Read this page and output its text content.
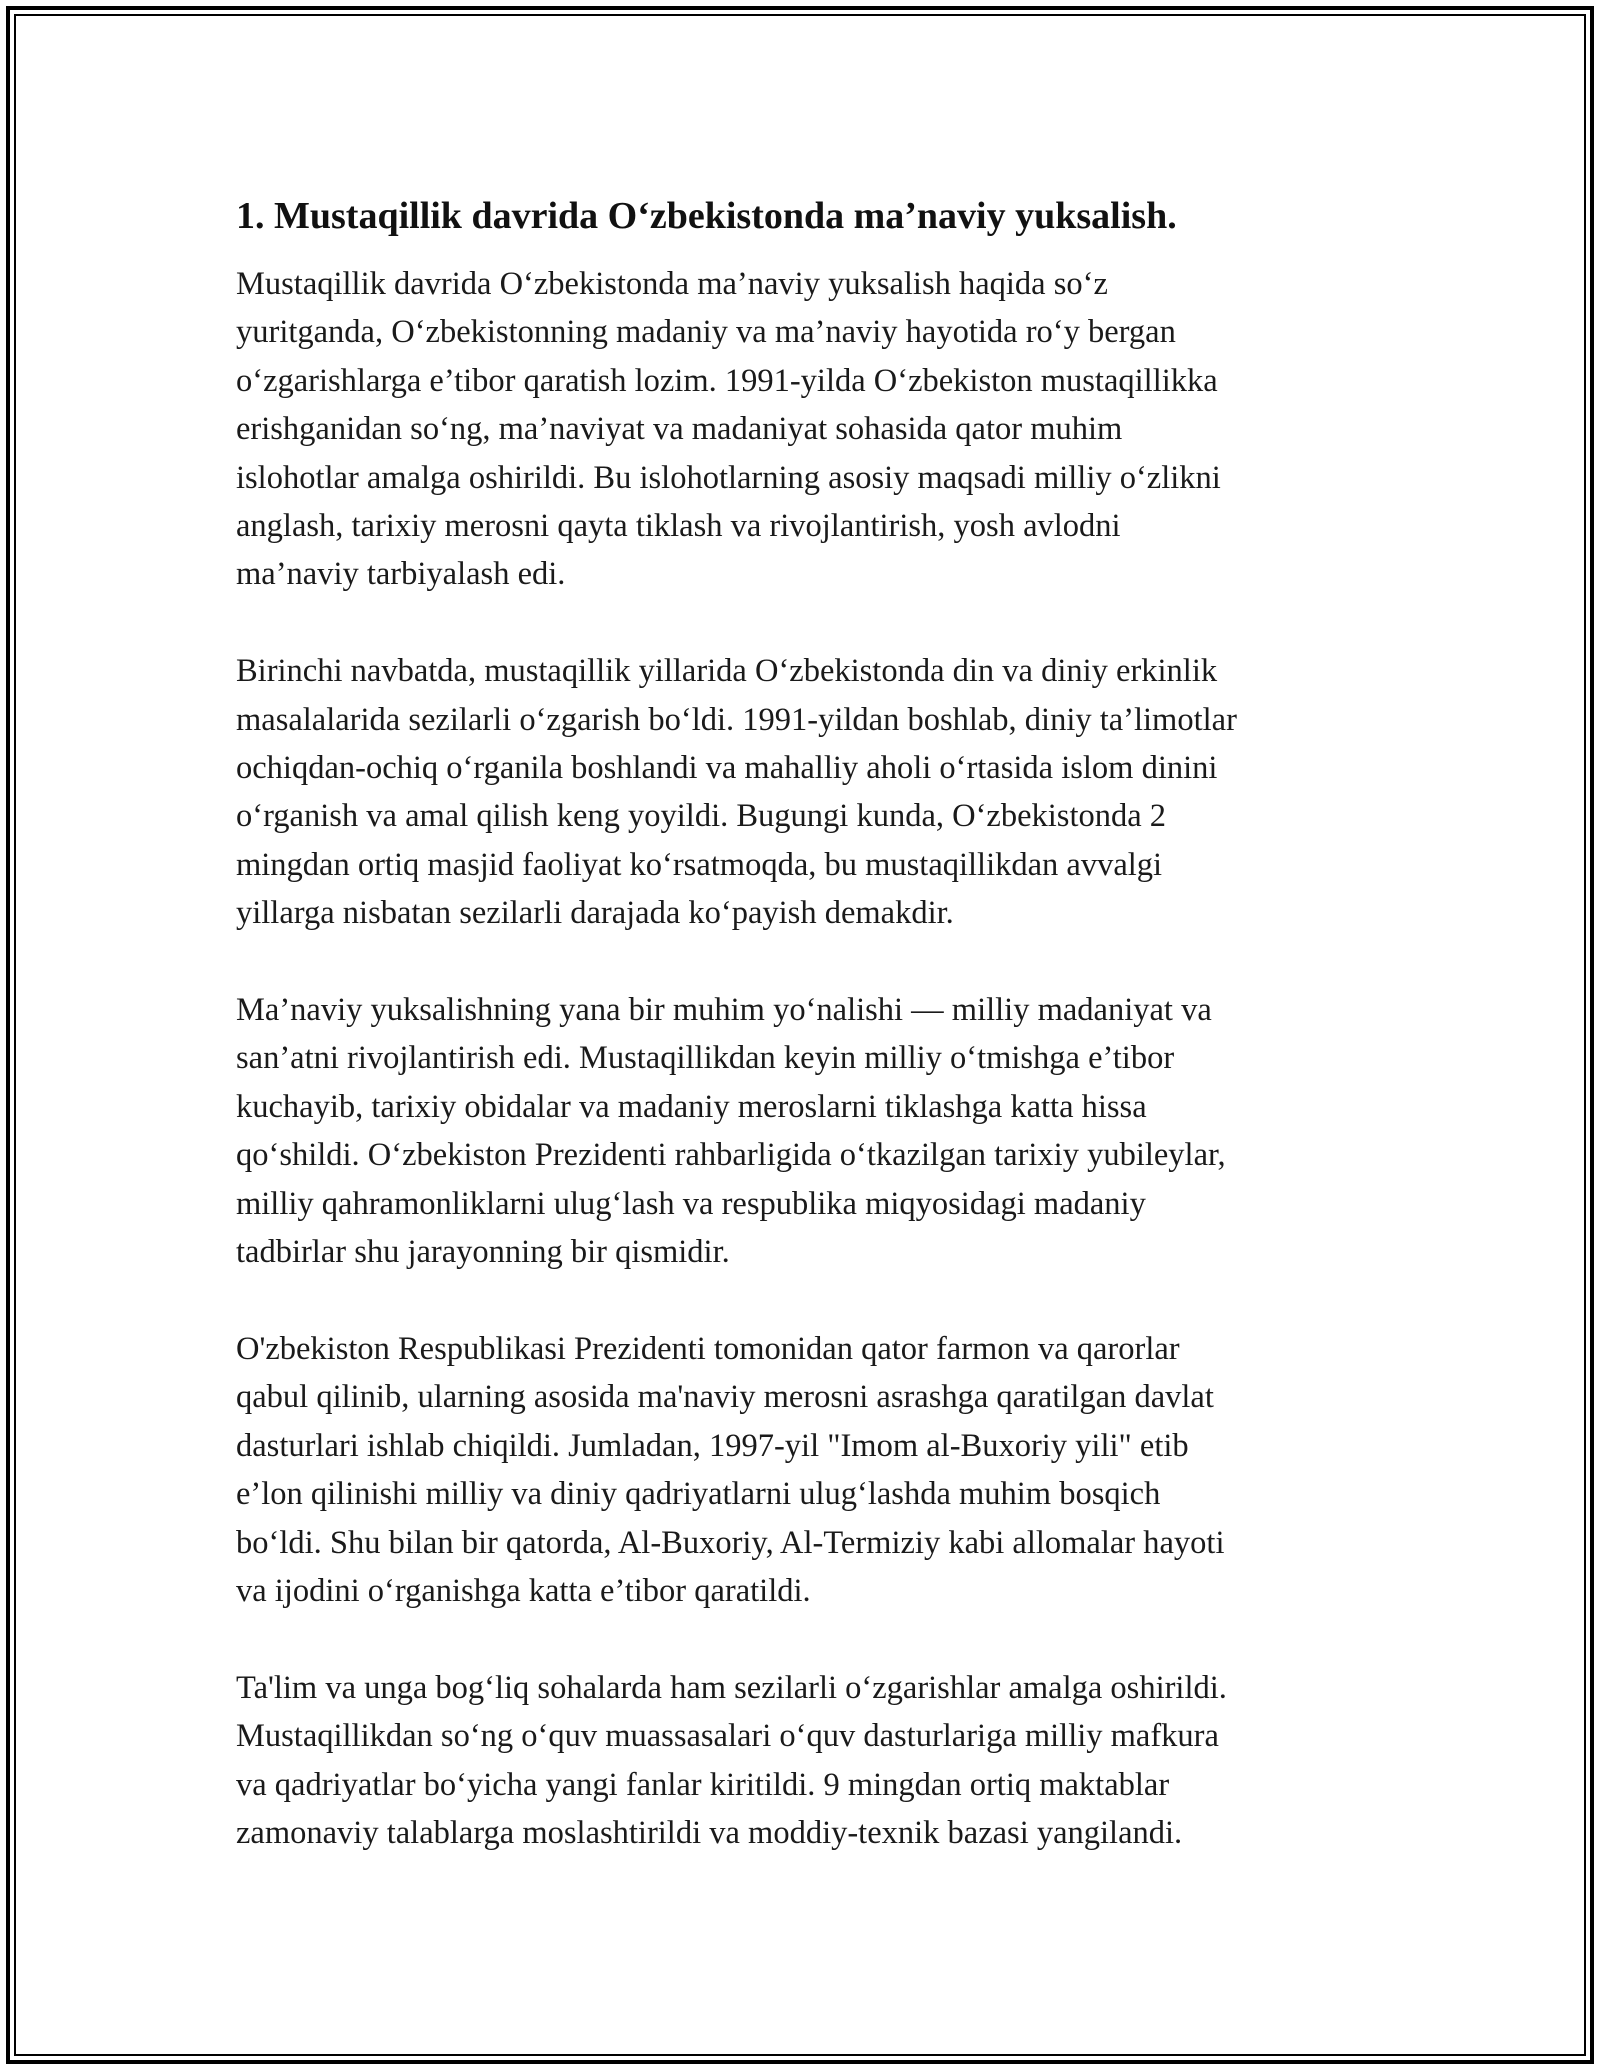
1. Mustaqillik davrida O‘zbekistonda ma’naviy yuksalish.

Mustaqillik davrida O‘zbekistonda ma’naviy yuksalish haqida so‘z
yuritganda, O‘zbekistonning madaniy va ma’naviy hayotida ro‘y bergan
o‘zgarishlarga e’tibor qaratish lozim. 1991-yilda O‘zbekiston mustaqillikka
erishganidan so‘ng, ma’naviyat va madaniyat sohasida qator muhim
islohotlar amalga oshirildi. Bu islohotlarning asosiy maqsadi milliy o‘zlikni
anglash, tarixiy merosni qayta tiklash va rivojlantirish, yosh avlodni
ma’naviy tarbiyalash edi.

Birinchi navbatda, mustaqillik yillarida O‘zbekistonda din va diniy erkinlik
masalalarida sezilarli o‘zgarish bo‘ldi. 1991-yildan boshlab, diniy ta’limotlar
ochiqdan-ochiq o‘rganila boshlandi va mahalliy aholi o‘rtasida islom dinini
o‘rganish va amal qilish keng yoyildi. Bugungi kunda, O‘zbekistonda 2
mingdan ortiq masjid faoliyat ko‘rsatmoqda, bu mustaqillikdan avvalgi
yillarga nisbatan sezilarli darajada ko‘payish demakdir.

Ma’naviy yuksalishning yana bir muhim yo‘nalishi — milliy madaniyat va
san’atni rivojlantirish edi. Mustaqillikdan keyin milliy o‘tmishga e’tibor
kuchayib, tarixiy obidalar va madaniy meroslarni tiklashga katta hissa
qo‘shildi. O‘zbekiston Prezidenti rahbarligida o‘tkazilgan tarixiy yubileylar,
milliy qahramonliklarni ulug‘lash va respublika miqyosidagi madaniy
tadbirlar shu jarayonning bir qismidir.

O'zbekiston Respublikasi Prezidenti tomonidan qator farmon va qarorlar
qabul qilinib, ularning asosida ma'naviy merosni asrashga qaratilgan davlat
dasturlari ishlab chiqildi. Jumladan, 1997-yil "Imom al-Buxoriy yili" etib
e’lon qilinishi milliy va diniy qadriyatlarni ulug‘lashda muhim bosqich
bo‘ldi. Shu bilan bir qatorda, Al-Buxoriy, Al-Termiziy kabi allomalar hayoti
va ijodini o‘rganishga katta e’tibor qaratildi.

Ta'lim va unga bog‘liq sohalarda ham sezilarli o‘zgarishlar amalga oshirildi.
Mustaqillikdan so‘ng o‘quv muassasalari o‘quv dasturlariga milliy mafkura
va qadriyatlar bo‘yicha yangi fanlar kiritildi. 9 mingdan ortiq maktablar
zamonaviy talablarga moslashtirildi va moddiy-texnik bazasi yangilandi.
